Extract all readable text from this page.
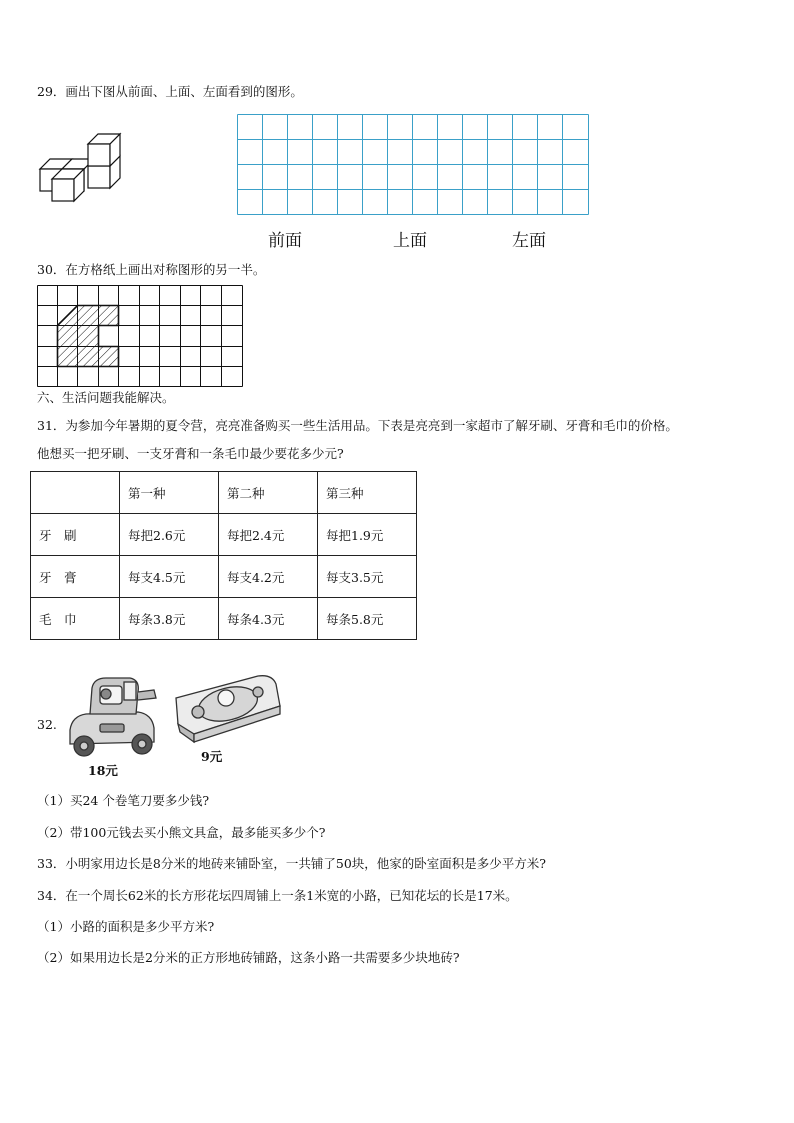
29．画出下图从前面、上面、左面看到的图形。
前面	上面	左面
30．在方格纸上画出对称图形的另一半。
六、生活问题我能解决。
31．为参加今年暑期的夏令营，亮亮准备购买一些生活用品。下表是亮亮到一家超市了解牙刷、牙膏和毛巾的价格。
他想买一把牙刷、一支牙膏和一条毛巾最少要花多少元?
	第一种	第二种	第三种
牙　刷	每把2.6元	每把2.4元	每把1.9元
牙　膏	每支4.5元	每支4.2元	每支3.5元
毛　巾	每条3.8元	每条4.3元	每条5.8元
32.
18元
9元
（1）买24 个卷笔刀要多少钱?
（2）带100元钱去买小熊文具盒，最多能买多少个?
33．小明家用边长是8分米的地砖来铺卧室，一共铺了50块，他家的卧室面积是多少平方米?
34．在一个周长62米的长方形花坛四周铺上一条1米宽的小路，已知花坛的长是17米。
（1）小路的面积是多少平方米?
（2）如果用边长是2分米的正方形地砖铺路，这条小路一共需要多少块地砖?
